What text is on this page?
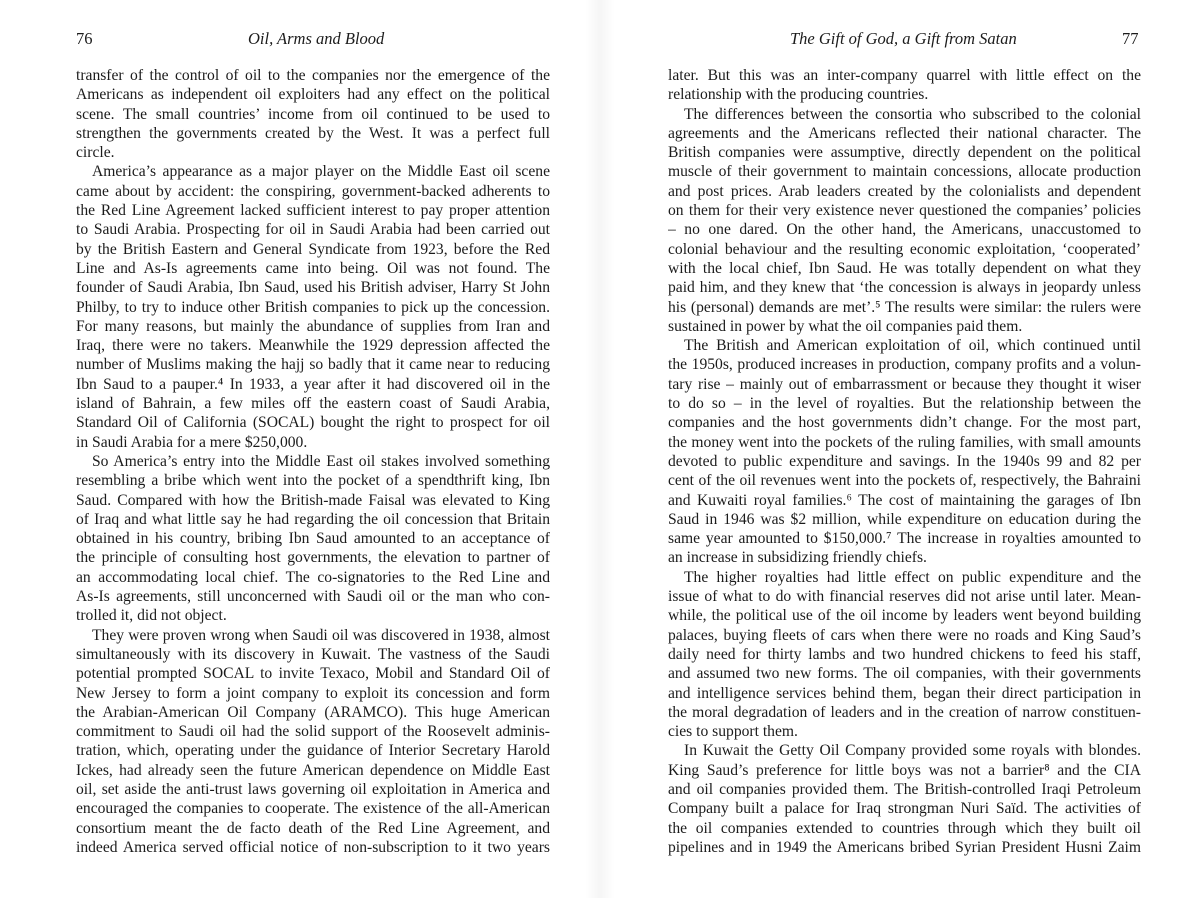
76	Oil, Arms and Blood
transfer of the control of oil to the companies nor the emergence of the
Americans as independent oil exploiters had any effect on the political
scene. The small countries’ income from oil continued to be used to
strengthen the governments created by the West. It was a perfect full
circle.
America’s appearance as a major player on the Middle East oil scene
came about by accident: the conspiring, government-backed adherents to
the Red Line Agreement lacked sufficient interest to pay proper attention
to Saudi Arabia. Prospecting for oil in Saudi Arabia had been carried out
by the British Eastern and General Syndicate from 1923, before the Red
Line and As-Is agreements came into being. Oil was not found. The
founder of Saudi Arabia, Ibn Saud, used his British adviser, Harry St John
Philby, to try to induce other British companies to pick up the concession.
For many reasons, but mainly the abundance of supplies from Iran and
Iraq, there were no takers. Meanwhile the 1929 depression affected the
number of Muslims making the hajj so badly that it came near to reducing
Ibn Saud to a pauper.⁴ In 1933, a year after it had discovered oil in the
island of Bahrain, a few miles off the eastern coast of Saudi Arabia,
Standard Oil of California (SOCAL) bought the right to prospect for oil
in Saudi Arabia for a mere $250,000.
So America’s entry into the Middle East oil stakes involved something
resembling a bribe which went into the pocket of a spendthrift king, Ibn
Saud. Compared with how the British-made Faisal was elevated to King
of Iraq and what little say he had regarding the oil concession that Britain
obtained in his country, bribing Ibn Saud amounted to an acceptance of
the principle of consulting host governments, the elevation to partner of
an accommodating local chief. The co-signatories to the Red Line and
As-Is agreements, still unconcerned with Saudi oil or the man who con-
trolled it, did not object.
They were proven wrong when Saudi oil was discovered in 1938, almost
simultaneously with its discovery in Kuwait. The vastness of the Saudi
potential prompted SOCAL to invite Texaco, Mobil and Standard Oil of
New Jersey to form a joint company to exploit its concession and form
the Arabian-American Oil Company (ARAMCO). This huge American
commitment to Saudi oil had the solid support of the Roosevelt adminis-
tration, which, operating under the guidance of Interior Secretary Harold
Ickes, had already seen the future American dependence on Middle East
oil, set aside the anti-trust laws governing oil exploitation in America and
encouraged the companies to cooperate. The existence of the all-American
consortium meant the de facto death of the Red Line Agreement, and
indeed America served official notice of non-subscription to it two years
The Gift of God, a Gift from Satan	77
later. But this was an inter-company quarrel with little effect on the
relationship with the producing countries.
The differences between the consortia who subscribed to the colonial
agreements and the Americans reflected their national character. The
British companies were assumptive, directly dependent on the political
muscle of their government to maintain concessions, allocate production
and post prices. Arab leaders created by the colonialists and dependent
on them for their very existence never questioned the companies’ policies
– no one dared. On the other hand, the Americans, unaccustomed to
colonial behaviour and the resulting economic exploitation, ‘cooperated’
with the local chief, Ibn Saud. He was totally dependent on what they
paid him, and they knew that ‘the concession is always in jeopardy unless
his (personal) demands are met’.⁵ The results were similar: the rulers were
sustained in power by what the oil companies paid them.
The British and American exploitation of oil, which continued until
the 1950s, produced increases in production, company profits and a volun-
tary rise – mainly out of embarrassment or because they thought it wiser
to do so – in the level of royalties. But the relationship between the
companies and the host governments didn’t change. For the most part,
the money went into the pockets of the ruling families, with small amounts
devoted to public expenditure and savings. In the 1940s 99 and 82 per
cent of the oil revenues went into the pockets of, respectively, the Bahraini
and Kuwaiti royal families.⁶ The cost of maintaining the garages of Ibn
Saud in 1946 was $2 million, while expenditure on education during the
same year amounted to $150,000.⁷ The increase in royalties amounted to
an increase in subsidizing friendly chiefs.
The higher royalties had little effect on public expenditure and the
issue of what to do with financial reserves did not arise until later. Mean-
while, the political use of the oil income by leaders went beyond building
palaces, buying fleets of cars when there were no roads and King Saud’s
daily need for thirty lambs and two hundred chickens to feed his staff,
and assumed two new forms. The oil companies, with their governments
and intelligence services behind them, began their direct participation in
the moral degradation of leaders and in the creation of narrow constituen-
cies to support them.
In Kuwait the Getty Oil Company provided some royals with blondes.
King Saud’s preference for little boys was not a barrier⁸ and the CIA
and oil companies provided them. The British-controlled Iraqi Petroleum
Company built a palace for Iraq strongman Nuri Saïd. The activities of
the oil companies extended to countries through which they built oil
pipelines and in 1949 the Americans bribed Syrian President Husni Zaim
